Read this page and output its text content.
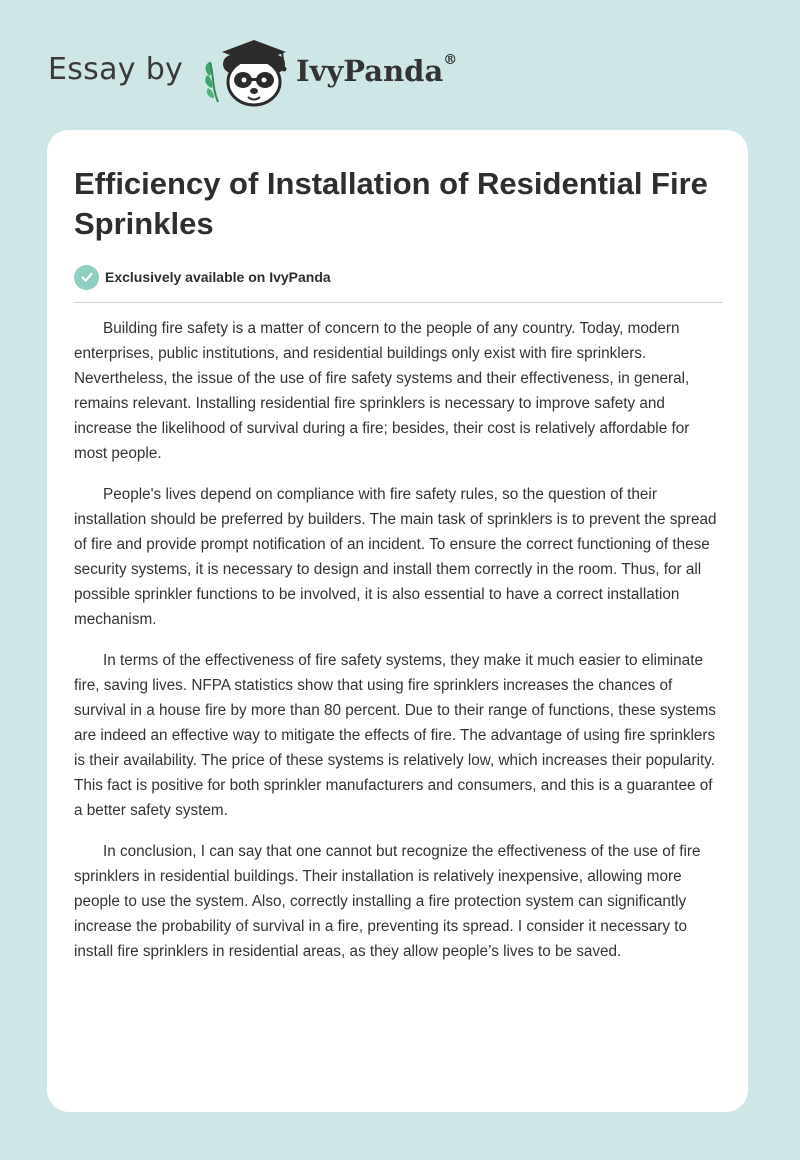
Essay by	IvyPanda®
Efficiency of Installation of Residential Fire Sprinkles
Exclusively available on IvyPanda

Building fire safety is a matter of concern to the people of any country. Today, modern enterprises, public institutions, and residential buildings only exist with fire sprinklers. Nevertheless, the issue of the use of fire safety systems and their effectiveness, in general, remains relevant. Installing residential fire sprinklers is necessary to improve safety and increase the likelihood of survival during a fire; besides, their cost is relatively affordable for most people.

People's lives depend on compliance with fire safety rules, so the question of their installation should be preferred by builders. The main task of sprinklers is to prevent the spread of fire and provide prompt notification of an incident. To ensure the correct functioning of these security systems, it is necessary to design and install them correctly in the room. Thus, for all possible sprinkler functions to be involved, it is also essential to have a correct installation mechanism.

In terms of the effectiveness of fire safety systems, they make it much easier to eliminate fire, saving lives. NFPA statistics show that using fire sprinklers increases the chances of survival in a house fire by more than 80 percent. Due to their range of functions, these systems are indeed an effective way to mitigate the effects of fire. The advantage of using fire sprinklers is their availability. The price of these systems is relatively low, which increases their popularity. This fact is positive for both sprinkler manufacturers and consumers, and this is a guarantee of a better safety system.

In conclusion, I can say that one cannot but recognize the effectiveness of the use of fire sprinklers in residential buildings. Their installation is relatively inexpensive, allowing more people to use the system. Also, correctly installing a fire protection system can significantly increase the probability of survival in a fire, preventing its spread. I consider it necessary to install fire sprinklers in residential areas, as they allow people’s lives to be saved.
